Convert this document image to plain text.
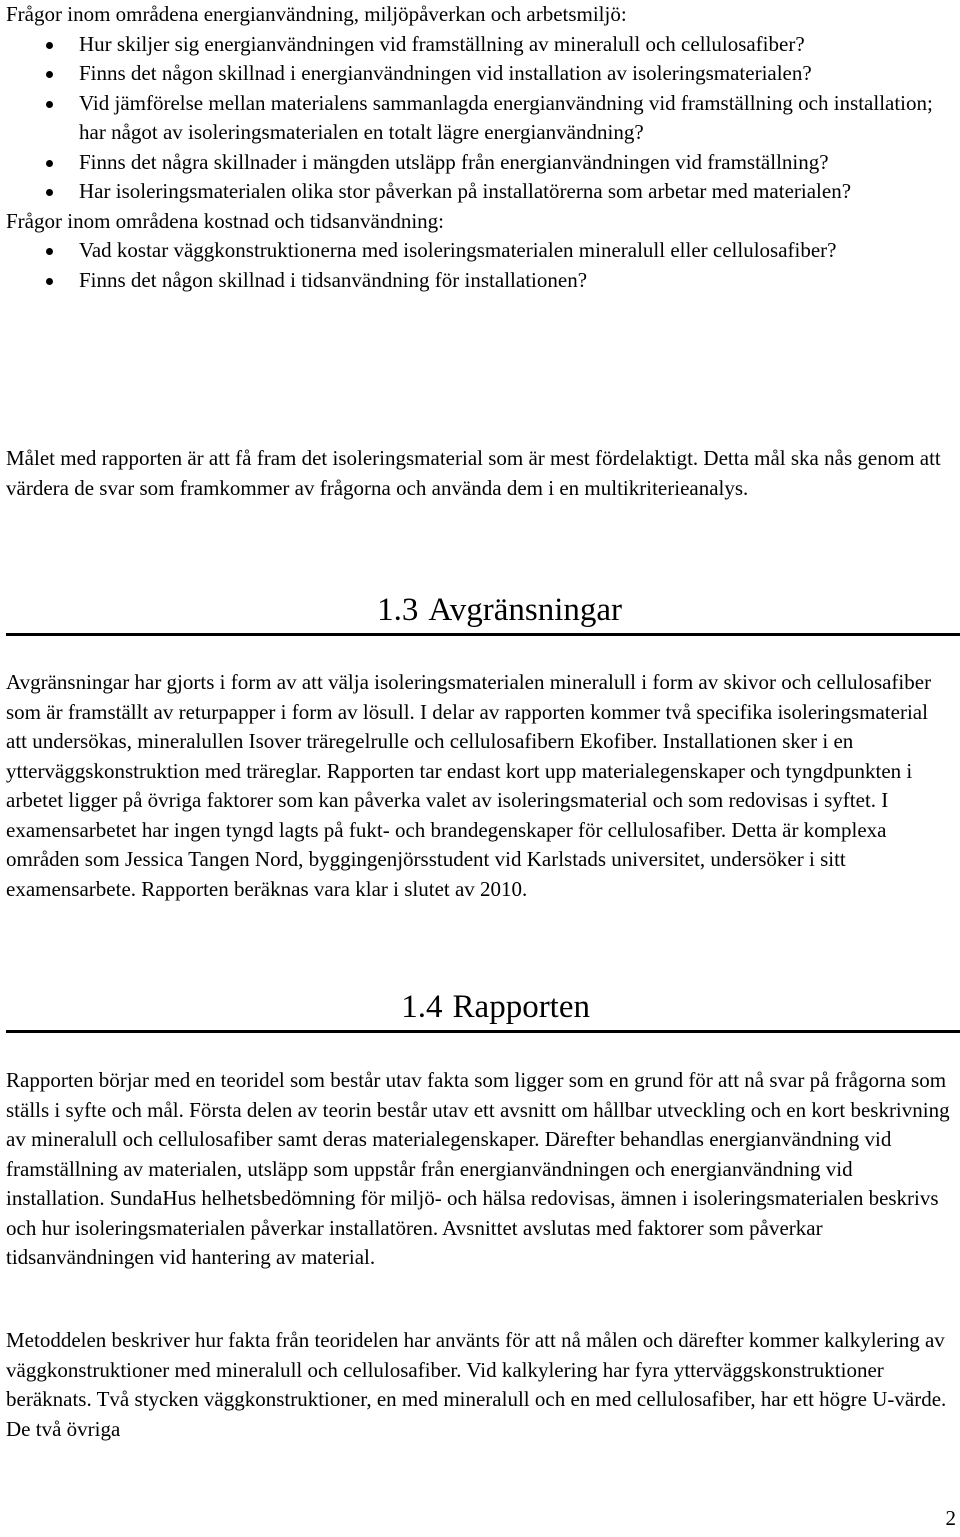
Frågor inom områdena energianvändning, miljöpåverkan och arbetsmiljö:
Hur skiljer sig energianvändningen vid framställning av mineralull och cellulosafiber?
Finns det någon skillnad i energianvändningen vid installation av isoleringsmaterialen?
Vid jämförelse mellan materialens sammanlagda energianvändning vid framställning och installation; har något av isoleringsmaterialen en totalt lägre energianvändning?
Finns det några skillnader i mängden utsläpp från energianvändningen vid framställning?
Har isoleringsmaterialen olika stor påverkan på installatörerna som arbetar med materialen?
Frågor inom områdena kostnad och tidsanvändning:
Vad kostar väggkonstruktionerna med isoleringsmaterialen mineralull eller cellulosafiber?
Finns det någon skillnad i tidsanvändning för installationen?

Målet med rapporten är att få fram det isoleringsmaterial som är mest fördelaktigt. Detta mål ska nås genom att värdera de svar som framkommer av frågorna och använda dem i en multikriterieanalys.

1.3 Avgränsningar

Avgränsningar har gjorts i form av att välja isoleringsmaterialen mineralull i form av skivor och cellulosafiber som är framställt av returpapper i form av lösull. I delar av rapporten kommer två specifika isoleringsmaterial att undersökas, mineralullen Isover träregelrulle och cellulosafibern Ekofiber. Installationen sker i en ytterväggskonstruktion med träreglar. Rapporten tar endast kort upp materialegenskaper och tyngdpunkten i arbetet ligger på övriga faktorer som kan påverka valet av isoleringsmaterial och som redovisas i syftet. I examensarbetet har ingen tyngd lagts på fukt- och brandegenskaper för cellulosafiber. Detta är komplexa områden som Jessica Tangen Nord, byggingenjörsstudent vid Karlstads universitet, undersöker i sitt examensarbete. Rapporten beräknas vara klar i slutet av 2010.

1.4 Rapporten

Rapporten börjar med en teoridel som består utav fakta som ligger som en grund för att nå svar på frågorna som ställs i syfte och mål. Första delen av teorin består utav ett avsnitt om hållbar utveckling och en kort beskrivning av mineralull och cellulosafiber samt deras materialegenskaper. Därefter behandlas energianvändning vid framställning av materialen, utsläpp som uppstår från energianvändningen och energianvändning vid installation. SundaHus helhetsbedömning för miljö- och hälsa redovisas, ämnen i isoleringsmaterialen beskrivs och hur isoleringsmaterialen påverkar installatören. Avsnittet avslutas med faktorer som påverkar tidsanvändningen vid hantering av material.

Metoddelen beskriver hur fakta från teoridelen har använts för att nå målen och därefter kommer kalkylering av väggkonstruktioner med mineralull och cellulosafiber. Vid kalkylering har fyra ytterväggskonstruktioner beräknats. Två stycken väggkonstruktioner, en med mineralull och en med cellulosafiber, har ett högre U-värde. De två övriga

2
